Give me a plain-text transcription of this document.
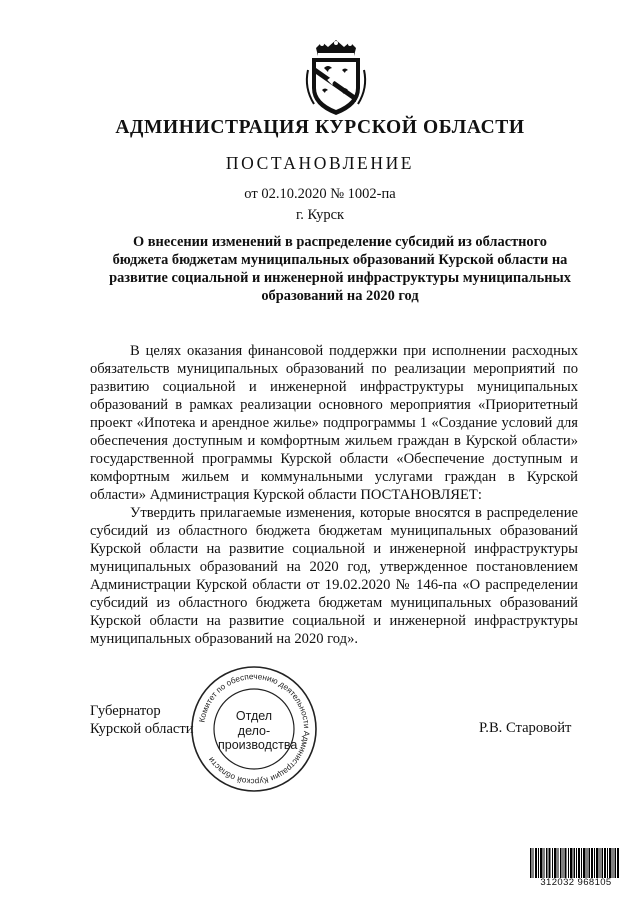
АДМИНИСТРАЦИЯ КУРСКОЙ ОБЛАСТИ
ПОСТАНОВЛЕНИЕ
от 02.10.2020 № 1002-па
г. Курск
О внесении изменений в распределение субсидий из областного
бюджета бюджетам муниципальных образований Курской области на
развитие социальной и инженерной инфраструктуры муниципальных
образований на 2020 год

В целях оказания финансовой поддержки при исполнении расходных обязательств муниципальных образований по реализации мероприятий по развитию социальной и инженерной инфраструктуры муниципальных образований в рамках реализации основного мероприятия «Приоритетный проект «Ипотека и арендное жилье» подпрограммы 1 «Создание условий для обеспечения доступным и комфортным жильем граждан в Курской области» государственной программы Курской области «Обеспечение доступным и комфортным жильем и коммунальными услугами граждан в Курской области» Администрация Курской области ПОСТАНОВЛЯЕТ:

Утвердить прилагаемые изменения, которые вносятся в распределение субсидий из областного бюджета бюджетам муниципальных образований Курской области на развитие социальной и инженерной инфраструктуры муниципальных образований на 2020 год, утвержденное постановлением Администрации Курской области от 19.02.2020 № 146-па «О распределении субсидий из областного бюджета бюджетам муниципальных образований Курской области на развитие социальной и инженерной инфраструктуры муниципальных образований на 2020 год».

Губернатор
Курской области	Р.В. Старовойт
Комитет по обеспечению деятельности Администрации Курской области
Отдел
дело-
производства
312032 968105
